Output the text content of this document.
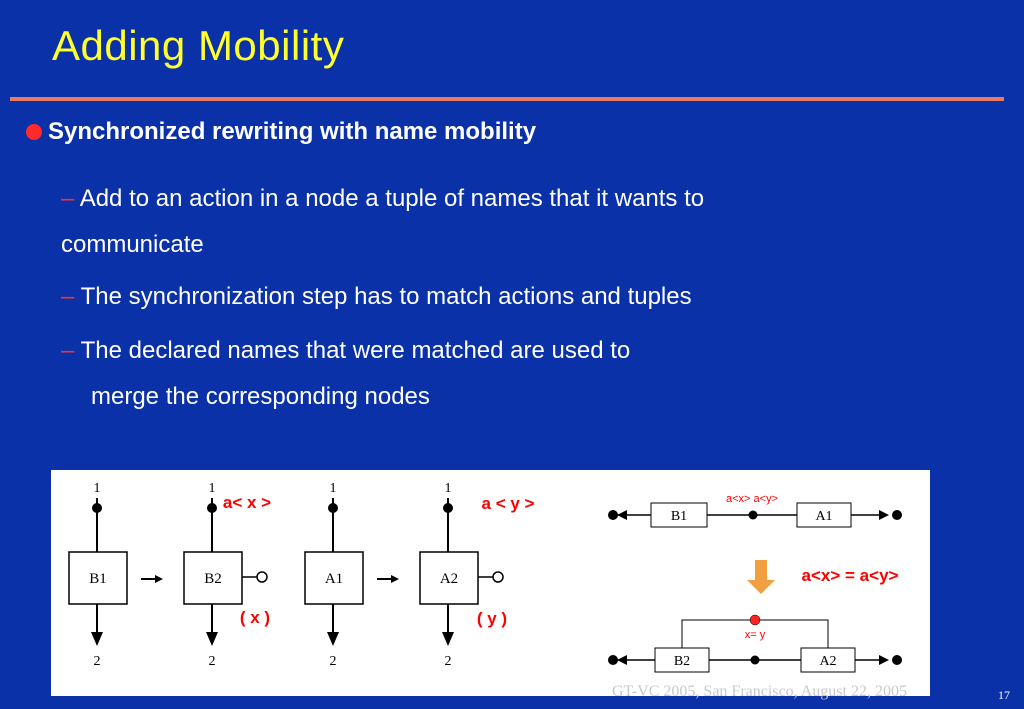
Adding Mobility
Synchronized rewriting with name mobility
– Add to an action in a node a tuple of names that it wants to
communicate
– The synchronization step has to match actions and tuples
– The declared names that were matched are used to
merge the corresponding nodes
1
B1
2
1
B2
2
a< x >
( x )
1
A1
2
1
A2
2
a < y >
( y )
B1	A1
a<x> a<y>
a<x> = a<y>
B2	A2
x= y
GT-VC 2005, San Francisco, August 22, 2005	17
